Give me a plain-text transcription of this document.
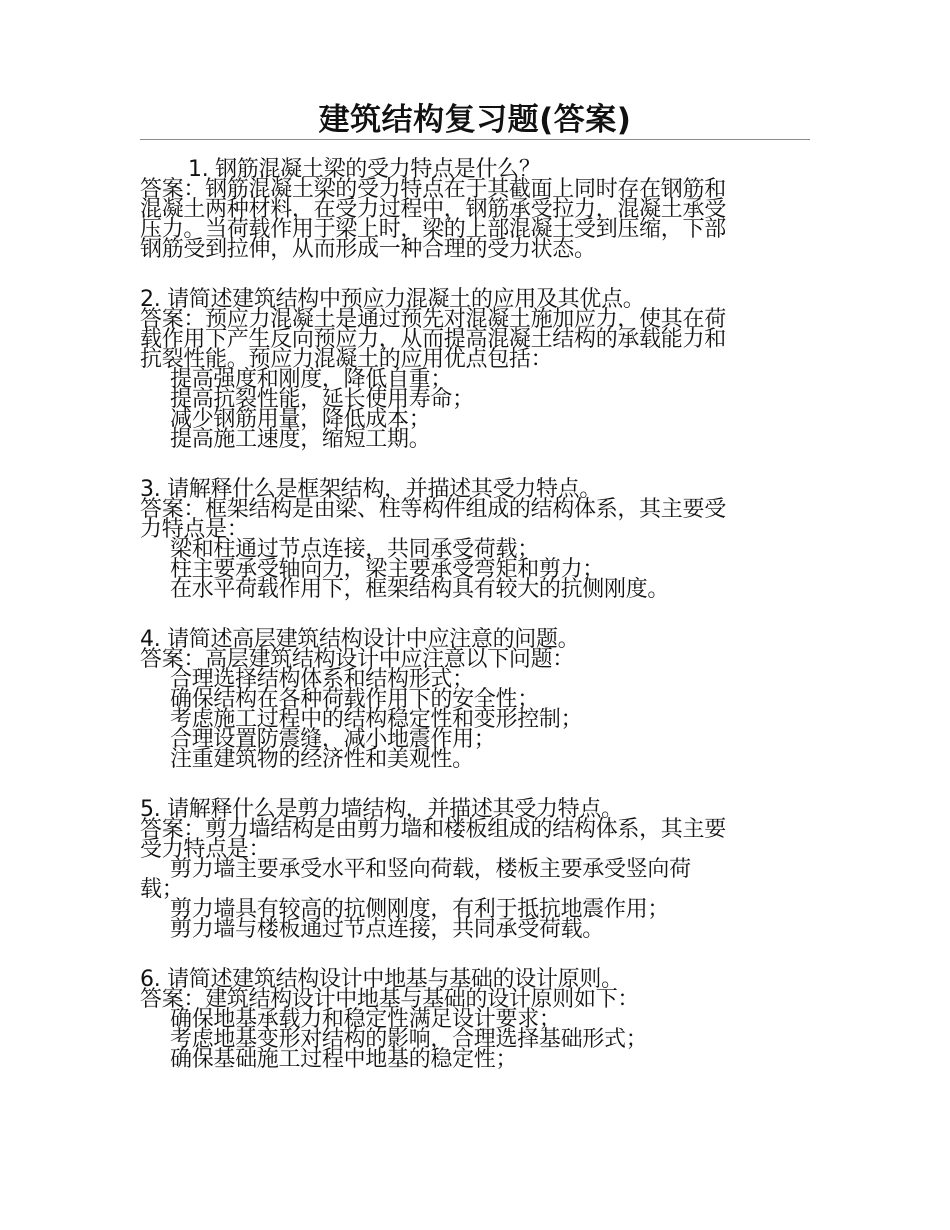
建筑结构复习题(答案)
1. 钢筋混凝土梁的受力特点是什么？
答案：钢筋混凝土梁的受力特点在于其截面上同时存在钢筋和
混凝土两种材料，在受力过程中，钢筋承受拉力，混凝土承受
压力。当荷载作用于梁上时，梁的上部混凝土受到压缩，下部
钢筋受到拉伸，从而形成一种合理的受力状态。
2. 请简述建筑结构中预应力混凝土的应用及其优点。
答案：预应力混凝土是通过预先对混凝土施加应力，使其在荷
载作用下产生反向预应力，从而提高混凝土结构的承载能力和
抗裂性能。预应力混凝土的应用优点包括：
提高强度和刚度，降低自重；
提高抗裂性能，延长使用寿命；
减少钢筋用量，降低成本；
提高施工速度，缩短工期。
3. 请解释什么是框架结构，并描述其受力特点。
答案：框架结构是由梁、柱等构件组成的结构体系，其主要受
力特点是：
梁和柱通过节点连接，共同承受荷载；
柱主要承受轴向力，梁主要承受弯矩和剪力；
在水平荷载作用下，框架结构具有较大的抗侧刚度。
4. 请简述高层建筑结构设计中应注意的问题。
答案：高层建筑结构设计中应注意以下问题：
合理选择结构体系和结构形式；
确保结构在各种荷载作用下的安全性；
考虑施工过程中的结构稳定性和变形控制；
合理设置防震缝，减小地震作用；
注重建筑物的经济性和美观性。
5. 请解释什么是剪力墙结构，并描述其受力特点。
答案：剪力墙结构是由剪力墙和楼板组成的结构体系，其主要
受力特点是：
剪力墙主要承受水平和竖向荷载，楼板主要承受竖向荷
载；
剪力墙具有较高的抗侧刚度，有利于抵抗地震作用；
剪力墙与楼板通过节点连接，共同承受荷载。
6. 请简述建筑结构设计中地基与基础的设计原则。
答案：建筑结构设计中地基与基础的设计原则如下：
确保地基承载力和稳定性满足设计要求；
考虑地基变形对结构的影响，合理选择基础形式；
确保基础施工过程中地基的稳定性；
